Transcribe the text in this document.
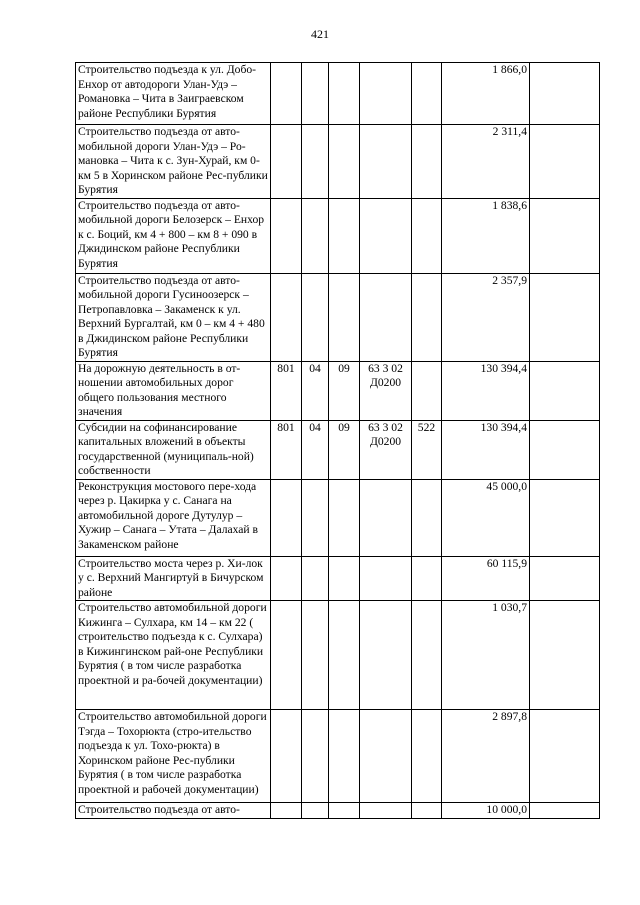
421
Строительство подъезда к ул. Добо-Енхор от автодороги Улан-Удэ – Романовка – Чита в Заиграевском районе Республики Бурятия						1 866,0	
Строительство подъезда от авто-мобильной дороги Улан-Удэ – Ро-мановка – Чита к с. Зун-Хурай, км 0- км 5 в Хоринском районе Рес-публики Бурятия						2 311,4	
Строительство подъезда от авто-мобильной дороги Белозерск – Енхор к с. Боций, км 4 + 800 – км 8 + 090 в Джидинском районе Республики Бурятия						1 838,6	
Строительство подъезда от авто-мобильной дороги Гусиноозерск – Петропавловка – Закаменск к ул. Верхний Бургалтай, км 0 – км 4 + 480 в Джидинском районе Республики Бурятия						2 357,9	
На дорожную деятельность в от-ношении автомобильных дорог общего пользования местного значения	801	04	09	63 3 02 Д0200		130 394,4	
Субсидии на софинансирование капитальных вложений в объекты государственной (муниципаль-ной) собственности	801	04	09	63 3 02 Д0200	522	130 394,4	
Реконструкция мостового пере-хода через р. Цакирка у с. Санага на автомобильной дороге Дутулур – Хужир – Санага – Утата – Далахай в Закаменском районе						45 000,0	
Строительство моста через р. Хи-лок у с. Верхний Мангиртуй в Бичурском районе						60 115,9	
Строительство автомобильной дороги Кижинга – Сулхара, км 14 – км 22 ( строительство подъезда к с. Сулхара) в Кижингинском рай-оне Республики Бурятия ( в том числе разработка проектной и ра-бочей документации)						1 030,7	
Строительство автомобильной дороги Тэгда – Тохорюкта (стро-ительство подъезда к ул. Тохо-рюкта) в Хоринском районе Рес-публики Бурятия ( в том числе разработка проектной и рабочей документации)						2 897,8	
Строительство подъезда от авто-						10 000,0	
